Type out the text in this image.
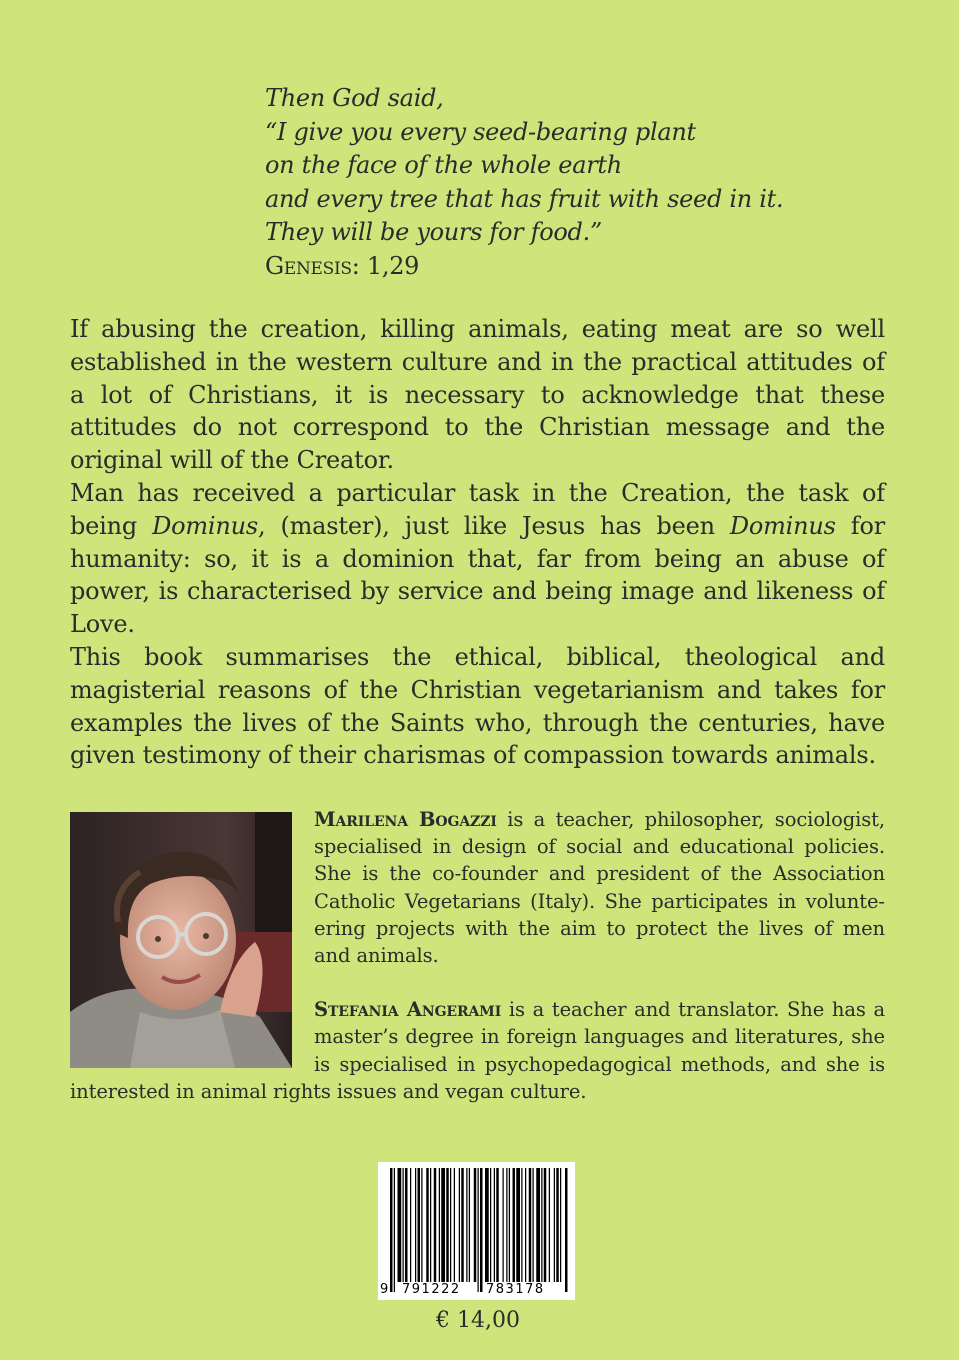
Then God said,
“I give you every seed-bearing plant
on the face of the whole earth
and every tree that has fruit with seed in it.
They will be yours for food.”
Genesis: 1,29

If abusing the creation, killing animals, eating meat are so well established in the western culture and in the practical attitudes of a lot of Christians, it is necessary to acknowledge that these attitudes do not correspond to the Christian message and the original will of the Creator.

Man has received a particular task in the Creation, the task of being Dominus, (master), just like Jesus has been Dominus for humanity: so, it is a dominion that, far from being an abuse of power, is characterised by service and being image and likeness of Love.

This book summarises the ethical, biblical, theological and magisterial reasons of the Christian vegetarianism and takes for examples the lives of the Saints who, through the centuries, have given testimony of their charismas of compassion towards animals.

Marilena Bogazzi is a teacher, philosopher, sociologist, specialised in design of social and educational policies. She is the co-founder and president of the Association Catholic Vegetarians (Italy). She participates in volunteering projects with the aim to protect the lives of men and animals.

Stefania Angerami is a teacher and translator. She has a master’s degree in foreign languages and literatures, she is specialised in psychopedagogical methods, and she is interested in animal rights issues and vegan culture.

9 791222 783178
€ 14,00
